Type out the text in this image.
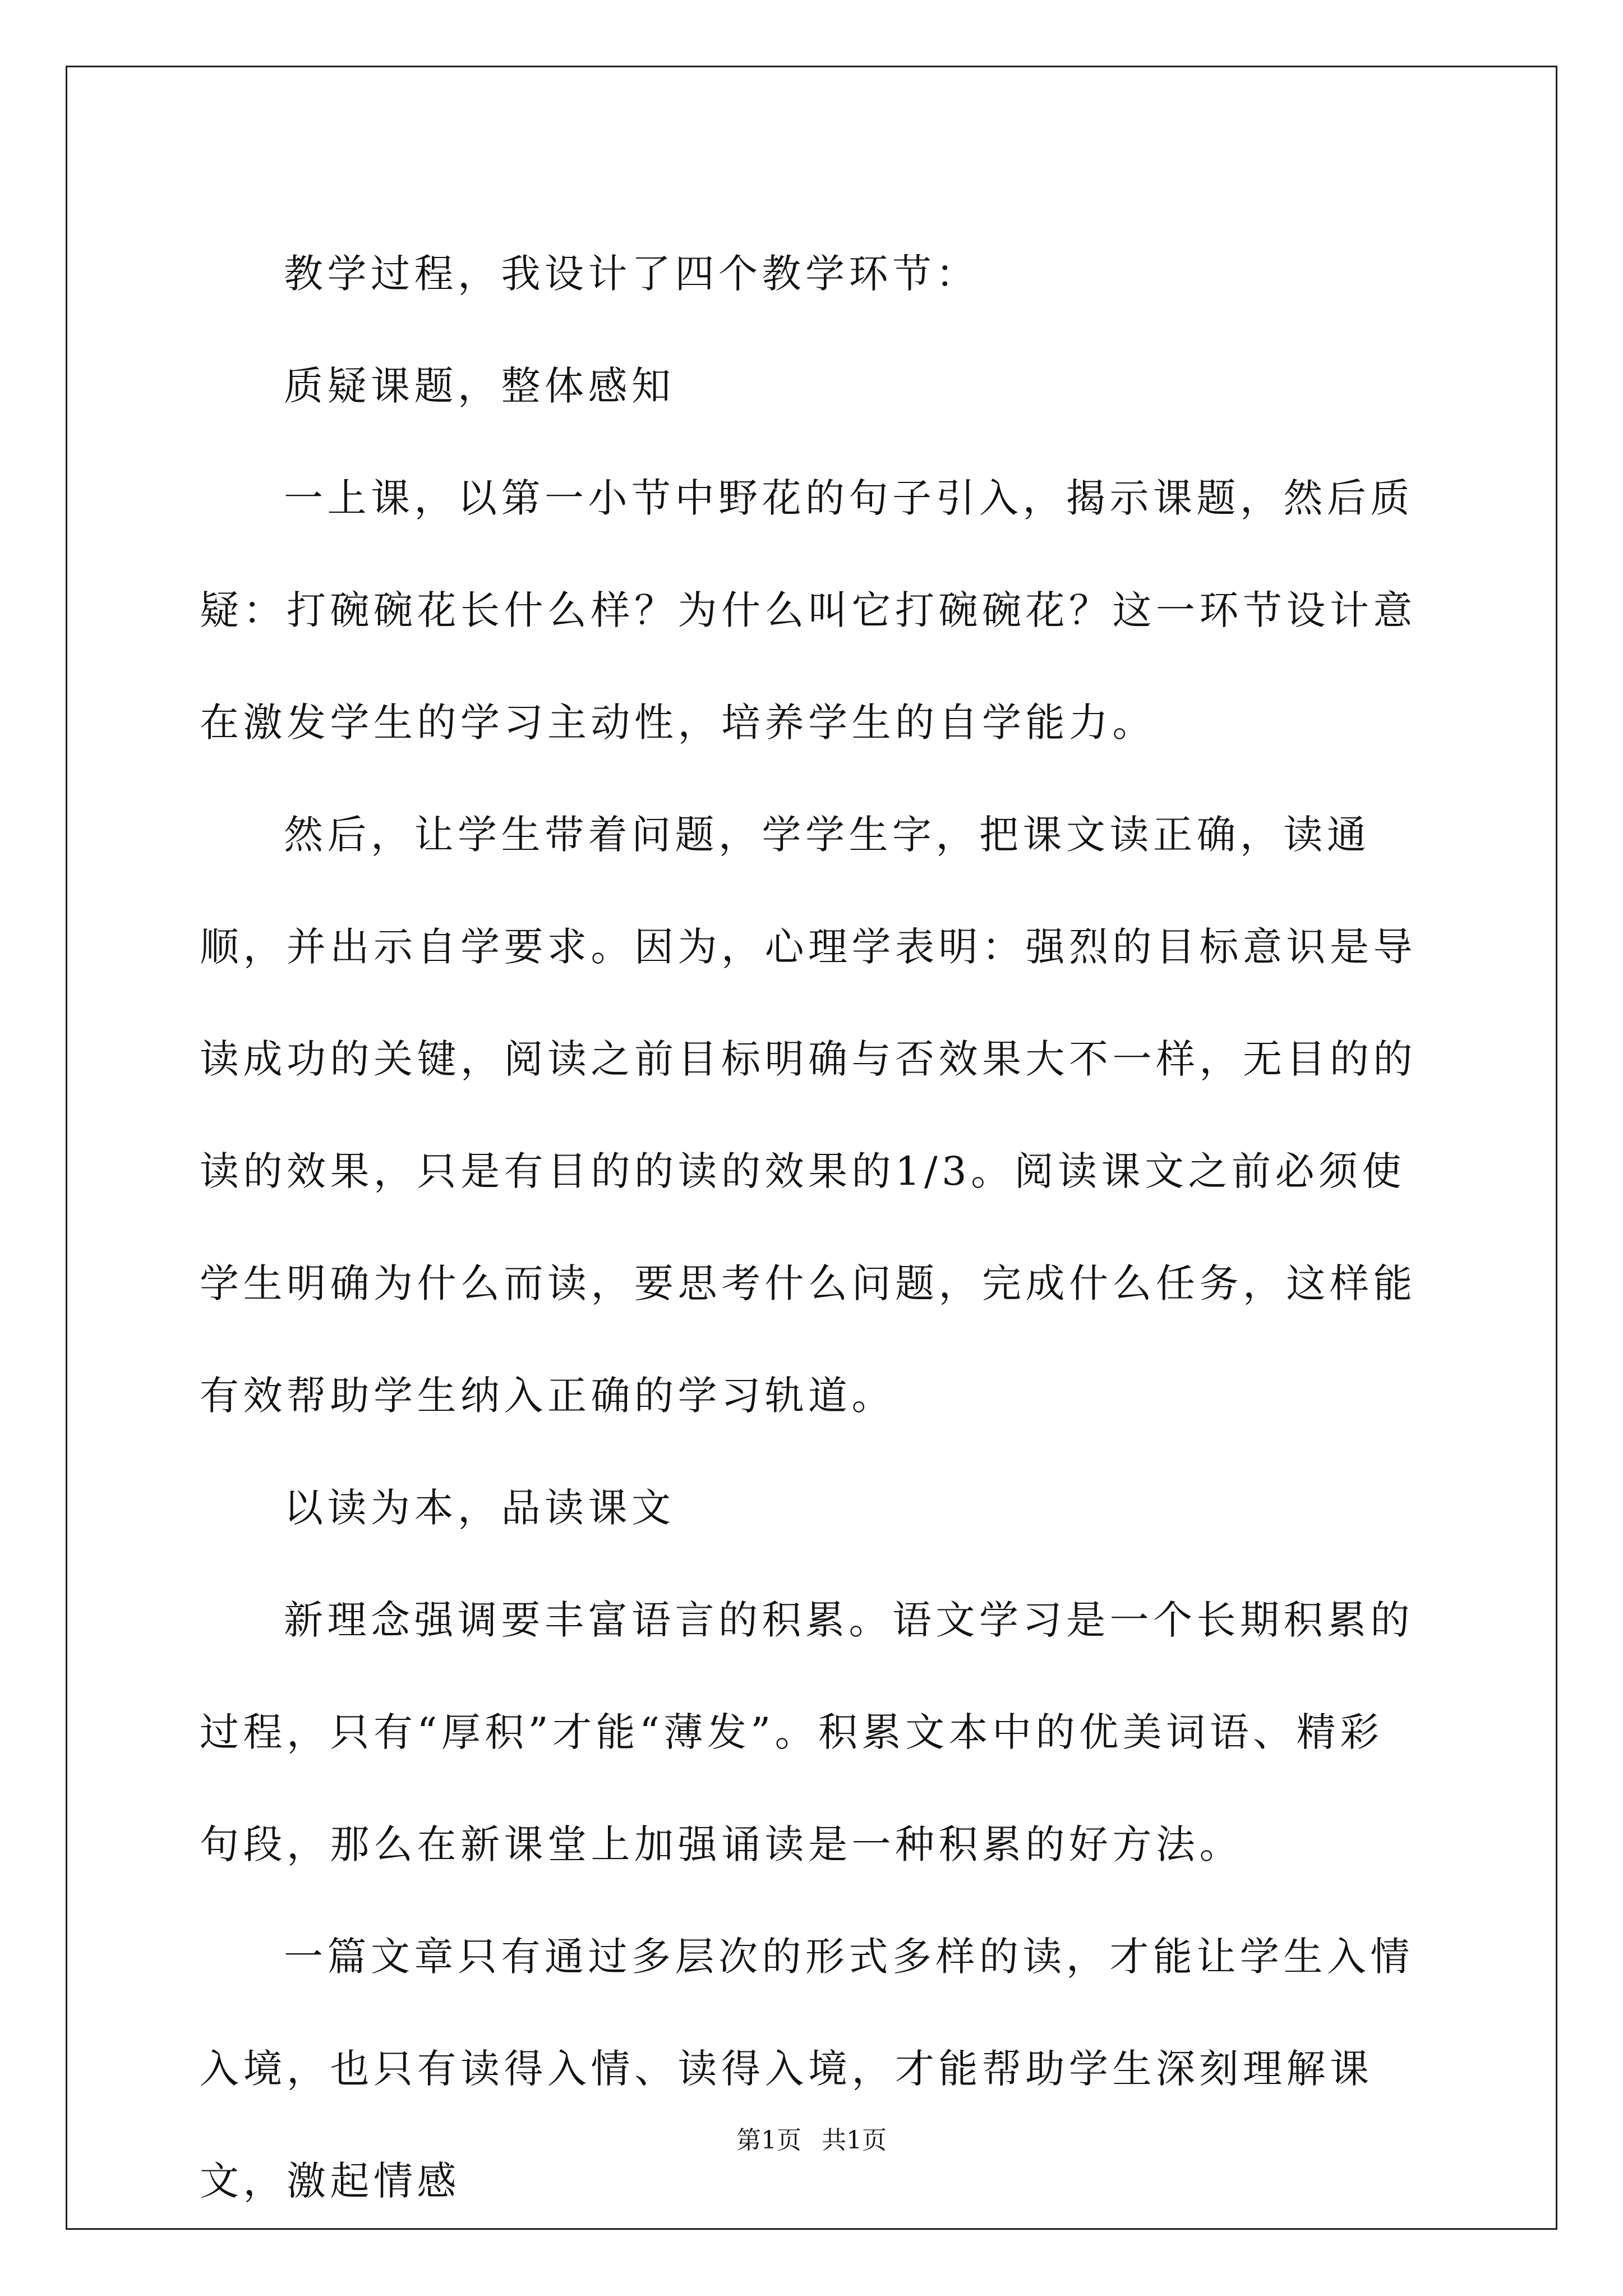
教学过程，我设计了四个教学环节：

质疑课题，整体感知

一上课，以第一小节中野花的句子引入，揭示课题，然后质疑：打碗碗花长什么样？为什么叫它打碗碗花？这一环节设计意在激发学生的学习主动性，培养学生的自学能力。

然后，让学生带着问题，学学生字，把课文读正确，读通顺，并出示自学要求。因为，心理学表明：强烈的目标意识是导读成功的关键，阅读之前目标明确与否效果大不一样，无目的的读的效果，只是有目的的读的效果的1/3。阅读课文之前必须使学生明确为什么而读，要思考什么问题，完成什么任务，这样能有效帮助学生纳入正确的学习轨道。

以读为本，品读课文

新理念强调要丰富语言的积累。语文学习是一个长期积累的过程，只有“厚积”才能“薄发”。积累文本中的优美词语、精彩句段，那么在新课堂上加强诵读是一种积累的好方法。

一篇文章只有通过多层次的形式多样的读，才能让学生入情入境，也只有读得入情、读得入境，才能帮助学生深刻理解课文，激起情感

第1页 共1页
